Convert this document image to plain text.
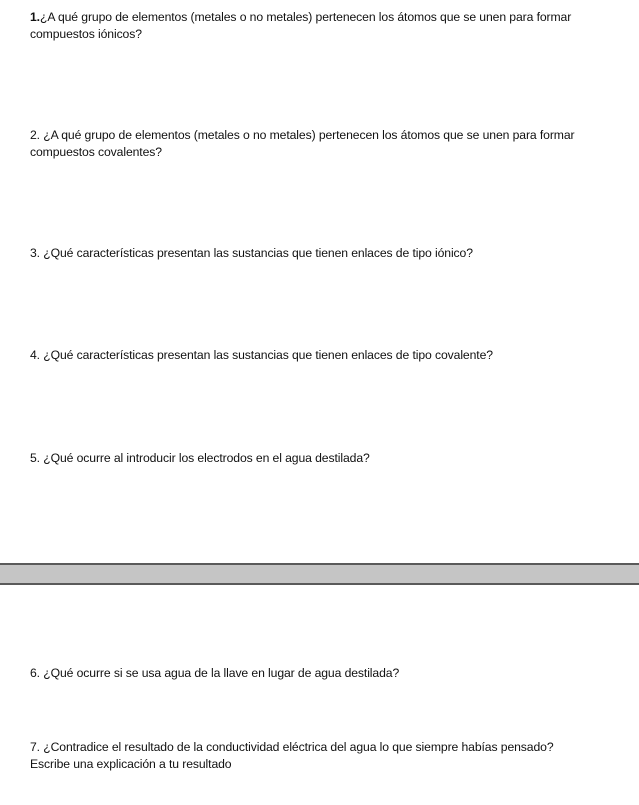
1.¿A qué grupo de elementos (metales o no metales) pertenecen los átomos que se unen para formar compuestos iónicos?
2. ¿A qué grupo de elementos (metales o no metales) pertenecen los átomos que se unen para formar compuestos covalentes?
3. ¿Qué características presentan las sustancias que tienen enlaces de tipo iónico?
4. ¿Qué características presentan las sustancias que tienen enlaces de tipo covalente?
5. ¿Qué ocurre al introducir los electrodos en el agua destilada?
6. ¿Qué ocurre si se usa agua de la llave en lugar de agua destilada?
7. ¿Contradice el resultado de la conductividad eléctrica del agua lo que siempre habías pensado?
Escribe una explicación a tu resultado
